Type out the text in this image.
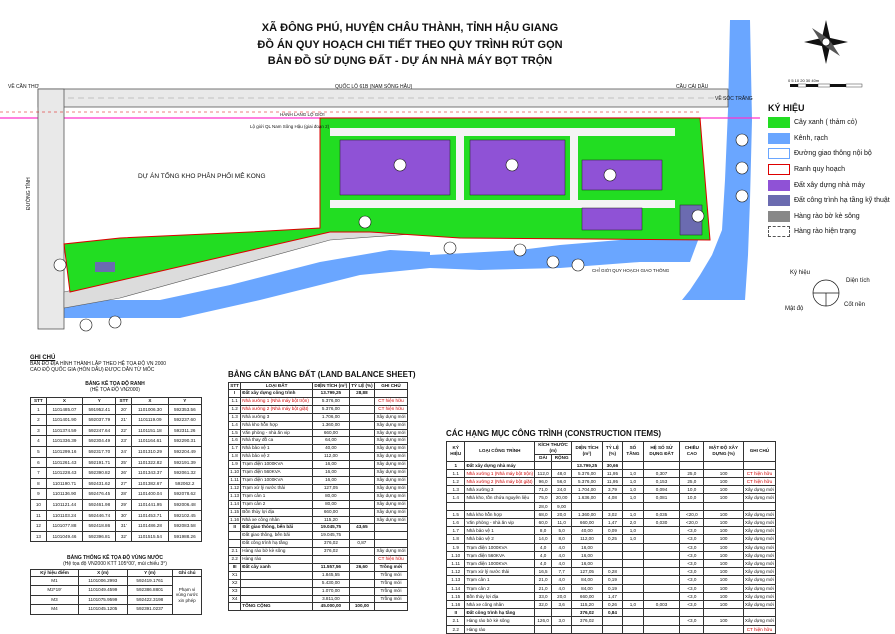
QUỐC LỘ 61B (NAM SÔNG HẬU)
VỀ CẦN THƠ	CẦU CÁI DẦU
VỀ SÓC TRĂNG
ĐƯỜNG TỈNH
Lộ giới QL Nam Sông Hậu (giai đoạn 2)
HÀNH LANG LỘ GIỚI
DỰ ÁN TỔNG KHO PHÂN PHỐI MÊ KONG
CHỈ GIỚI QUY HOẠCH GIAO THÔNG
0 5 10 20 30 40m
Ký hiệu
Diện tích
Mật độ
Cốt nền
XÃ ĐÔNG PHÚ, HUYỆN CHÂU THÀNH, TỈNH HẬU GIANG
ĐỒ ÁN QUY HOẠCH CHI TIẾT THEO QUY TRÌNH RÚT GỌN
BẢN ĐỒ SỬ DỤNG ĐẤT - DỰ ÁN NHÀ MÁY BỌT TRỘN
KÝ HIỆU
Cây xanh ( thảm cỏ)
Kênh, rạch
Đường giao thông nội bộ
Ranh quy hoạch
Đất xây dựng nhà máy
Đất công trình hạ tầng kỹ thuật
Hàng rào bờ kè sông
Hàng rào hiện trạng
GHI CHÚ
BẢN ĐỒ ĐỊA HÌNH THÀNH LẬP THEO HỆ TỌA ĐỘ VN 2000
CAO ĐỘ QUỐC GIA (HÒN DẤU) ĐƯỢC DẪN TỪ MỐC
BẢNG KÊ TỌA ĐỘ RANH
(HỆ TỌA ĐỘ VN2000)
STT	X	Y	STT	X	Y
1	1101485.07	591952.41	20'	1101006.30	592353.56
2	1101401.90	592037.79	21'	1101119.09	592237.60
3	1101374.59	592247.64	22'	1101151.18	592311.26
4	1101336.39	592304.49	23'	1101164.61	592290.31
5	1101299.16	592317.70	24'	1101310.29	592204.49
6	1101261.43	592191.71	25'	1101322.82	592191.39
7	1101228.43	592390.82	26'	1101343.37	592061.32
8	1101190.71	592431.62	27'	1101382.67	592062.2
9	1101136.90	592476.45	28'	1101400.04	592078.62
10	1101121.44	592461.98	29'	1101441.95	592006.48
11	1101103.24	592446.74	30'	1101453.71	592102.45
12	1101077.88	592418.86	31'	1101486.28	592083.58
13	1101049.46	592396.81	32'	1101515.54	591988.26
BẢNG THỐNG KÊ TỌA ĐỘ VÙNG NƯỚC
(Hệ tọa độ VN2000 KTT 105°00', múi chiếu 3°)
Ký hiệu điểm	X (m)	Y (m)	Ghi chú
M1	1101006.2993	592419.1761	Phạm vi vùng nước xin phép
M2*19'	1101049.4599	592386.8801	
M3	1101075.9599	592422.3198	
M4	1101045.1205	592391.0237	
BẢNG CÂN BẰNG ĐẤT (LAND BALANCE SHEET)
STT	LOẠI ĐẤT	DIỆN TÍCH (m²)	TỶ LỆ (%)	GHI CHÚ
I	Đất xây dựng công trình	13.799,25	28,88	
1.1	Nhà xưởng 1 (Nhà máy bột trộn)	5.376,00		CT hiện hữu
1.2	Nhà xưởng 2 (Nhà máy bột giặt)	5.376,00		CT hiện hữu
1.3	Nhà xưởng 3	1.706,00		Xây dựng mới
1.4	Nhà kho hỗn hợp	1.360,00		Xây dựng mới
1.5	Văn phòng - nhà ăn vip	660,00		Xây dựng mới
1.6	Nhà thay đồ ca	64,00		Xây dựng mới
1.7	Nhà bảo vệ 1	40,00		Xây dựng mới
1.8	Nhà bảo vệ 2	112,00		Xây dựng mới
1.9	Trạm điện 1000KVA	16,00		Xây dựng mới
1.10	Trạm điện 560KVA	16,00		Xây dựng mới
1.11	Trạm điện 1000KVA	16,00		Xây dựng mới
1.12	Trạm xử lý nước thải	127,05		Xây dựng mới
1.13	Trạm cân 1	80,00		Xây dựng mới
1.14	Trạm cân 2	80,00		Xây dựng mới
1.15	Bồn thủy lợi địa	660,00		Xây dựng mới
1.16	Nhà xe công nhân	115,20		Xây dựng mới
II	Đất giao thông, bến bãi	19.045,75	43,65	
	Đất giao thông, bến bãi	19.045,75		
	Đất công trình hạ tầng	376,02	0,87	
2.1	Hàng rào bờ kè sông	376,02		Xây dựng mới
2.2	Hàng rào			CT hiện hữu
III	Đất cây xanh	11.557,56	26,60	Trồng mới
X1		1.845,55		Trồng mới
X2		5.430,00		Trồng mới
X3		1.070,00		Trồng mới
X4		3.811,00		Trồng mới
	TỔNG CỘNG	45.000,00	100,00	
CÁC HẠNG MỤC CÔNG TRÌNH (CONSTRUCTION ITEMS)
KÝ HIỆU	LOẠI CÔNG TRÌNH	KÍCH THƯỚC (m)		DIỆN TÍCH (m²)	TỶ LỆ (%)	SỐ TẦNG	HỆ SỐ SỬ DỤNG ĐẤT	CHIỀU CAO	MẬT ĐỘ XÂY DỰNG (%)	GHI CHÚ
		DÀI	RỘNG							
1	Đất xây dựng nhà máy			13.799,25	30,66					
1.1	Nhà xưởng 1 (Nhà máy bột trộn)	112,0	48,0	5.376,00	11,95	1,0	0,307	25,0	100	CT hiện hữu
1.2	Nhà xưởng 2 (Nhà máy bột giặt)	96,0	56,0	5.376,00	11,95	1,0	0,153	25,0	100	CT hiện hữu
1.3	Nhà xưởng 3	71,0	24,0	1.704,00	3,79	1,0	0,094	10,0	100	Xây dựng mới
1.4	Nhà kho, tồn chứa nguyên liệu	75,0	20,00	1.636,00	4,08	1,0	0,081	10,0	100	Xây dựng mới
		28,0	9,00							
1.5	Nhà kho hỗn hợp	68,0	20,0	1.360,00	3,02	1,0	0,035	<20,0	100	Xây dựng mới
1.6	Văn phòng - nhà ăn vip	60,0	11,0	660,00	1,47	2,0	0,030	<20,0	100	Xây dựng mới
1.7	Nhà bảo vệ 1	8,0	5,0	40,00	0,09	1,0		<3,0	100	Xây dựng mới
1.8	Nhà bảo vệ 2	14,0	8,0	112,00	0,25	1,0		<3,0	100	Xây dựng mới
1.9	Trạm điện 1000KVA	4,0	4,0	16,00				<3,0	100	Xây dựng mới
1.10	Trạm điện 560KVA	4,0	4,0	16,00				<3,0	100	Xây dựng mới
1.11	Trạm điện 1000KVA	4,0	4,0	16,00				<3,0	100	Xây dựng mới
1.12	Trạm xử lý nước thải	16,5	7,7	127,05	0,28			<3,0	100	Xây dựng mới
1.13	Trạm cân 1	21,0	4,0	84,00	0,19			<3,0	100	Xây dựng mới
1.14	Trạm cân 2	21,0	4,0	84,00	0,19			<3,0	100	Xây dựng mới
1.15	Bồn thủy lợi địa	33,0	20,0	660,00	1,47			<3,0	100	Xây dựng mới
1.16	Nhà xe công nhân	32,0	3,6	115,20	0,26	1,0	0,003	<3,0	100	Xây dựng mới
II	Đất công trình hạ tầng			376,02	0,84					
2.1	Hàng rào bờ kè sông	126,0	3,0	376,02				<3,0	100	Xây dựng mới
2.2	Hàng rào									CT hiện hữu
